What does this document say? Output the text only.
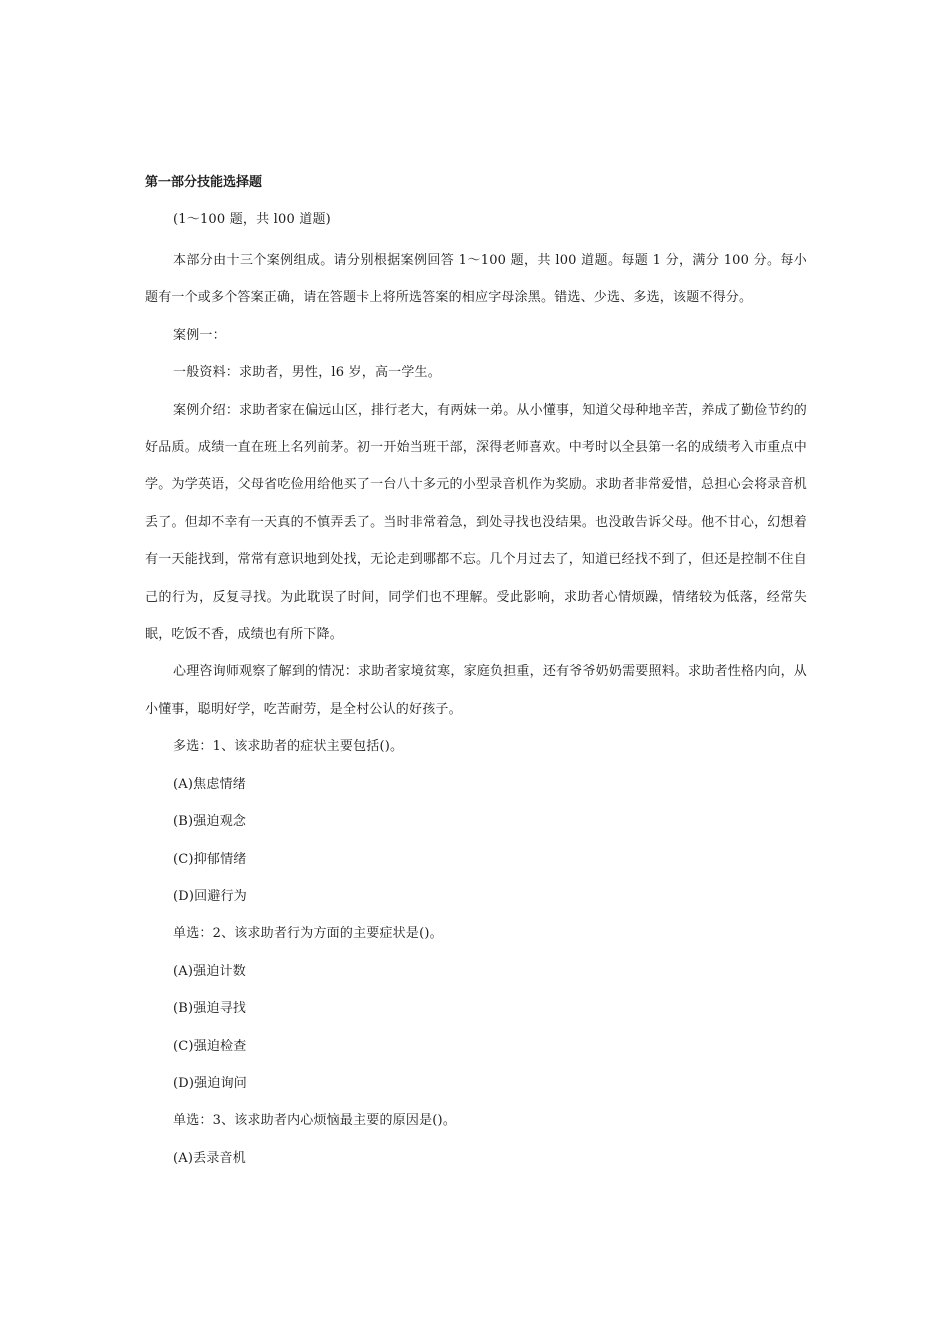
第一部分技能选择题

(1～100 题，共 l00 道题)

本部分由十三个案例组成。请分别根据案例回答 1～100 题，共 l00 道题。每题 1 分，满分 100 分。每小题有一个或多个答案正确，请在答题卡上将所选答案的相应字母涂黑。错选、少选、多选，该题不得分。

案例一：

一般资料：求助者，男性，l6 岁，高一学生。

案例介绍：求助者家在偏远山区，排行老大，有两妹一弟。从小懂事，知道父母种地辛苦，养成了勤俭节约的好品质。成绩一直在班上名列前茅。初一开始当班干部，深得老师喜欢。中考时以全县第一名的成绩考入市重点中学。为学英语，父母省吃俭用给他买了一台八十多元的小型录音机作为奖励。求助者非常爱惜，总担心会将录音机丢了。但却不幸有一天真的不慎弄丢了。当时非常着急，到处寻找也没结果。也没敢告诉父母。他不甘心，幻想着有一天能找到，常常有意识地到处找，无论走到哪都不忘。几个月过去了，知道已经找不到了，但还是控制不住自己的行为，反复寻找。为此耽误了时间，同学们也不理解。受此影响，求助者心情烦躁，情绪较为低落，经常失眠，吃饭不香，成绩也有所下降。

心理咨询师观察了解到的情况：求助者家境贫寒，家庭负担重，还有爷爷奶奶需要照料。求助者性格内向，从小懂事，聪明好学，吃苦耐劳，是全村公认的好孩子。

多选：1、该求助者的症状主要包括()。

(A)焦虑情绪

(B)强迫观念

(C)抑郁情绪

(D)回避行为

单选：2、该求助者行为方面的主要症状是()。

(A)强迫计数

(B)强迫寻找

(C)强迫检查

(D)强迫询问

单选：3、该求助者内心烦恼最主要的原因是()。

(A)丢录音机
